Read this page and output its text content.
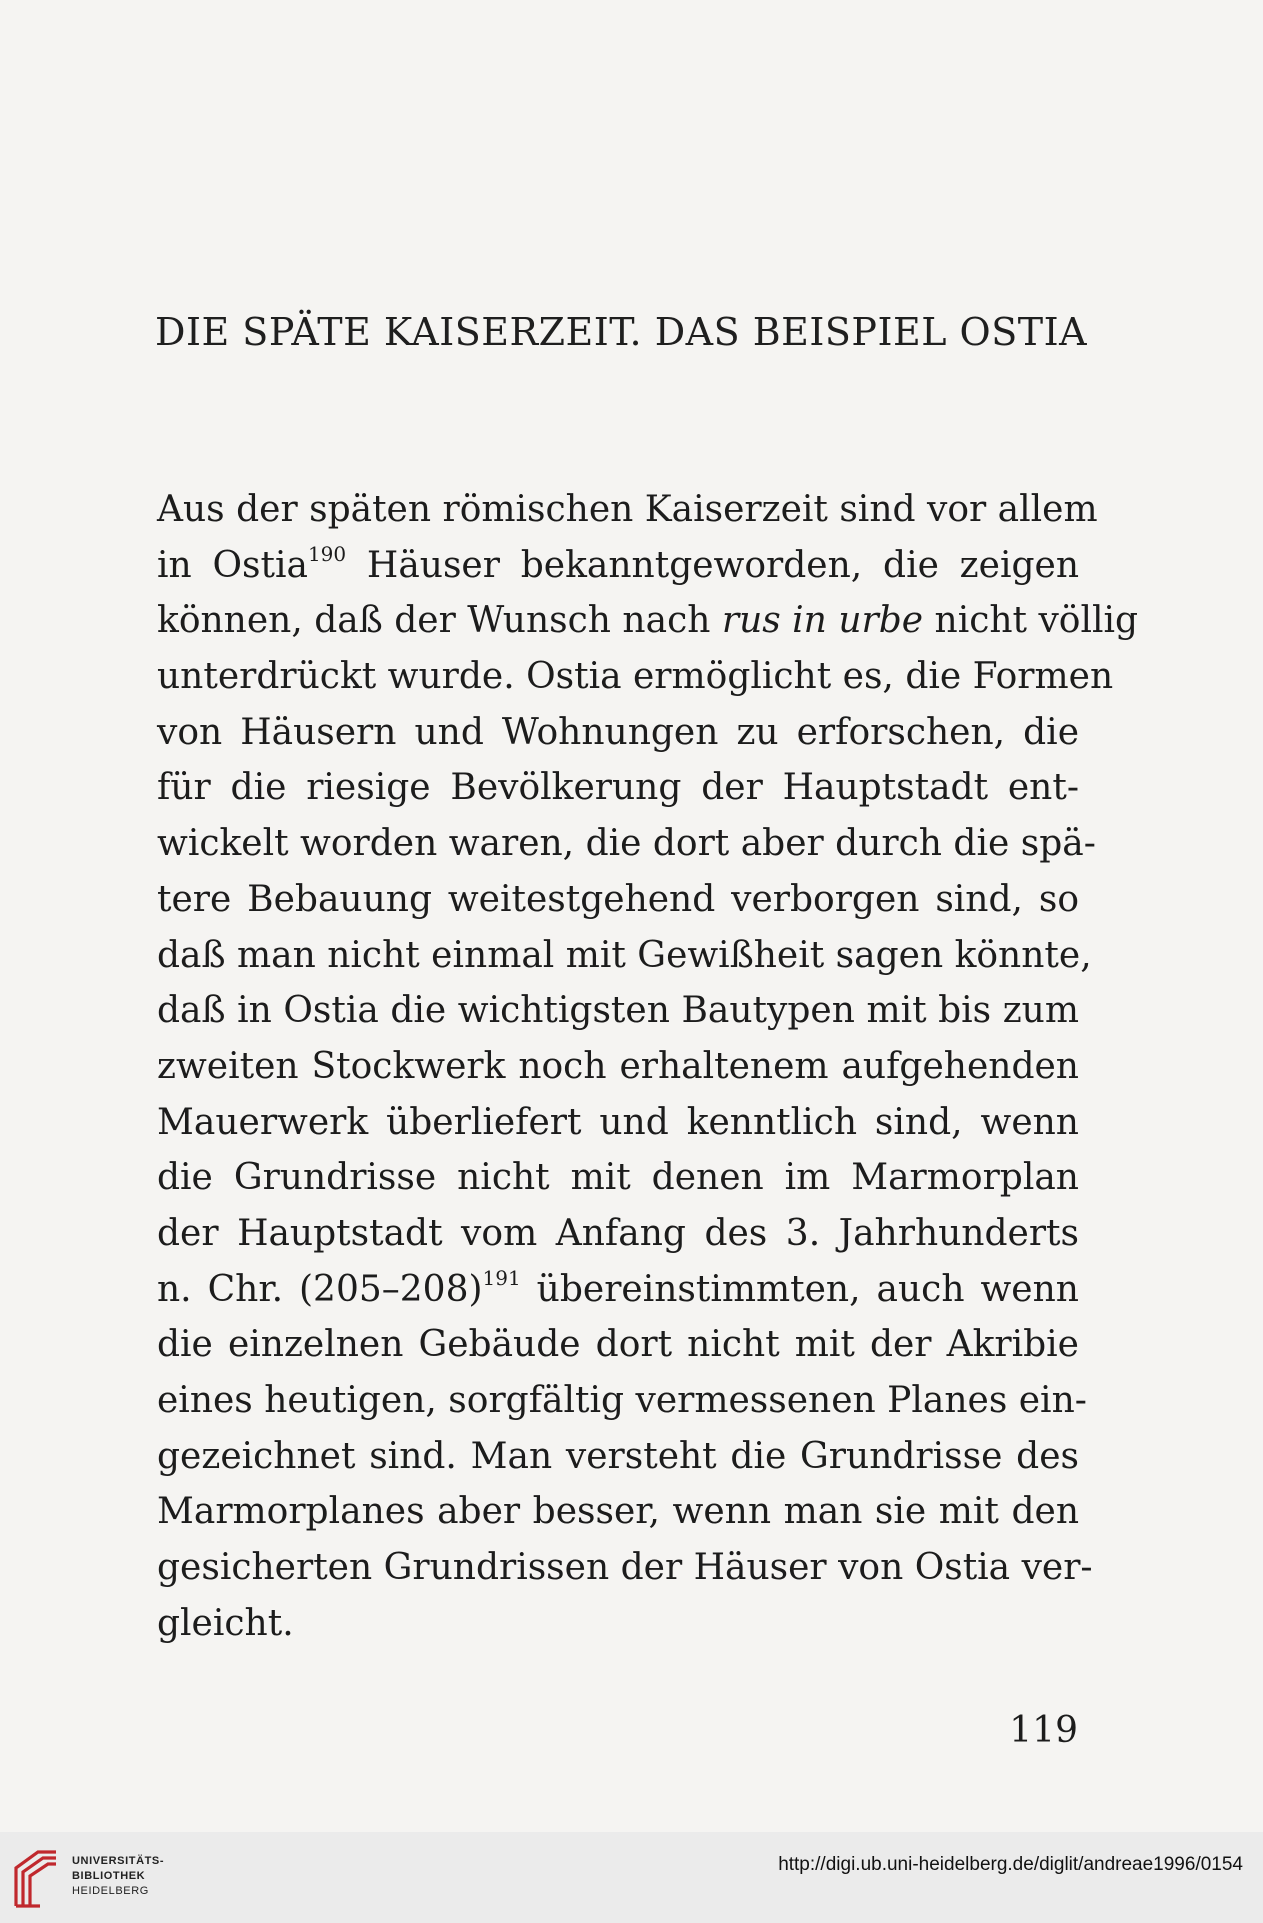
DIE SPÄTE KAISERZEIT. DAS BEISPIEL OSTIA
Aus der späten römischen Kaiserzeit sind vor allem
in Ostia$^{190}$ Häuser bekanntgeworden, die zeigen
können, daß der Wunsch nach rus in urbe nicht völlig
unterdrückt wurde. Ostia ermöglicht es, die Formen
von Häusern und Wohnungen zu erforschen, die
für die riesige Bevölkerung der Hauptstadt ent-
wickelt worden waren, die dort aber durch die spä-
tere Bebauung weitestgehend verborgen sind, so
daß man nicht einmal mit Gewißheit sagen könnte,
daß in Ostia die wichtigsten Bautypen mit bis zum
zweiten Stockwerk noch erhaltenem aufgehenden
Mauerwerk überliefert und kenntlich sind, wenn
die Grundrisse nicht mit denen im Marmorplan
der Hauptstadt vom Anfang des 3. Jahrhunderts
n. Chr. $(205-208)^{191}$ übereinstimmten, auch wenn
die einzelnen Gebäude dort nicht mit der Akribie
eines heutigen, sorgfältig vermessenen Planes ein-
gezeichnet sind. Man versteht die Grundrisse des
Marmorplanes aber besser, wenn man sie mit den
gesicherten Grundrissen der Häuser von Ostia ver-
gleicht.
119
UNIVERSITÄTS-
BIBLIOTHEK
HEIDELBERG
http://digi.ub.uni-heidelberg.de/diglit/andreae1996/0154
